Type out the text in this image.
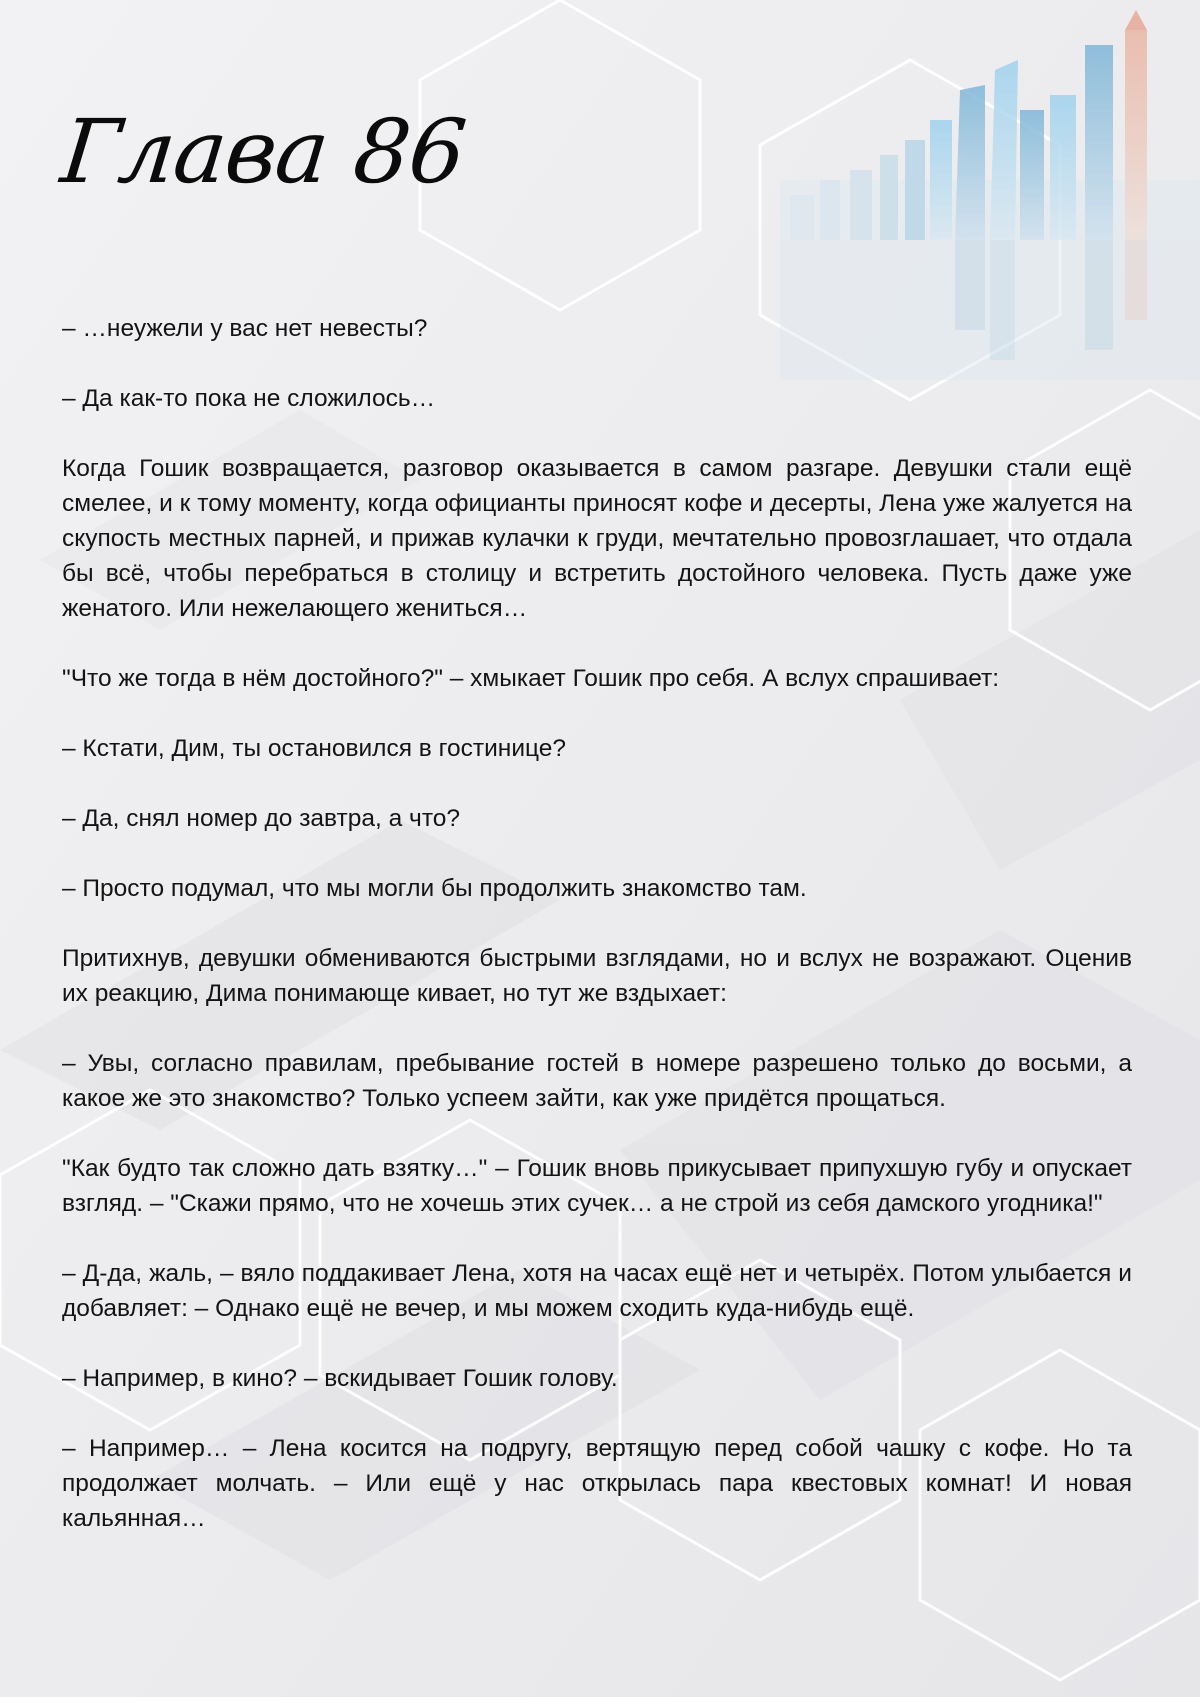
Глава 86

– …неужели у вас нет невесты?

– Да как-то пока не сложилось…

Когда Гошик возвращается, разговор оказывается в самом разгаре. Девушки стали ещё смелее, и к тому моменту, когда официанты приносят кофе и десерты, Лена уже жалуется на скупость местных парней, и прижав кулачки к груди, мечтательно провозглашает, что отдала бы всё, чтобы перебраться в столицу и встретить достойного человека. Пусть даже уже женатого. Или нежелающего жениться…

"Что же тогда в нём достойного?" – хмыкает Гошик про себя. А вслух спрашивает:

– Кстати, Дим, ты остановился в гостинице?

– Да, снял номер до завтра, а что?

– Просто подумал, что мы могли бы продолжить знакомство там.

Притихнув, девушки обмениваются быстрыми взглядами, но и вслух не возражают. Оценив их реакцию, Дима понимающе кивает, но тут же вздыхает:

– Увы, согласно правилам, пребывание гостей в номере разрешено только до восьми, а какое же это знакомство? Только успеем зайти, как уже придётся прощаться.

"Как будто так сложно дать взятку…" – Гошик вновь прикусывает припухшую губу и опускает взгляд. – "Скажи прямо, что не хочешь этих сучек… а не строй из себя дамского угодника!"

– Д-да, жаль, – вяло поддакивает Лена, хотя на часах ещё нет и четырёх. Потом улыбается и добавляет: – Однако ещё не вечер, и мы можем сходить куда-нибудь ещё.

– Например, в кино? – вскидывает Гошик голову.

– Например… – Лена косится на подругу, вертящую перед собой чашку с кофе. Но та продолжает молчать. – Или ещё у нас открылась пара квестовых комнат! И новая кальянная…
